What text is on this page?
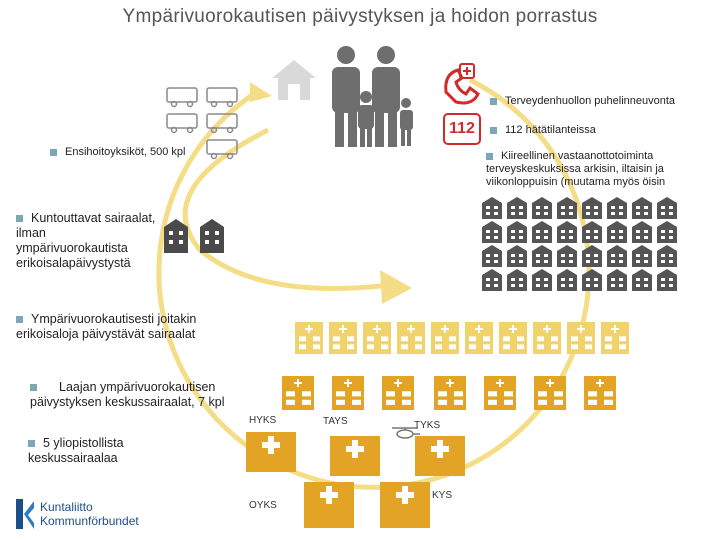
Ympärivuorokautisen päivystyksen ja hoidon porrastus
112
Terveydenhuollon puhelinneuvonta
112 hätätilanteissa
Ensihoitoyksiköt, 500 kpl	Kiireellinen vastaanottotoiminta terveyskeskuksissa arkisin, iltaisin ja viikonloppuisin (muutama myös öisin
Kuntouttavat sairaalat, ilman ympärivuorokautista erikoisalapäivystystä
Ympärivuorokautisesti joitakin erikoisaloja päivystävät sairaalat
Laajan ympärivuorokautisen päivystyksen keskussairaalat, 7 kpl
5 yliopistollista keskussairaalaa
HYKS	TAYS	TYKS
OYKS
KYS
Kuntaliitto
Kommunförbundet
